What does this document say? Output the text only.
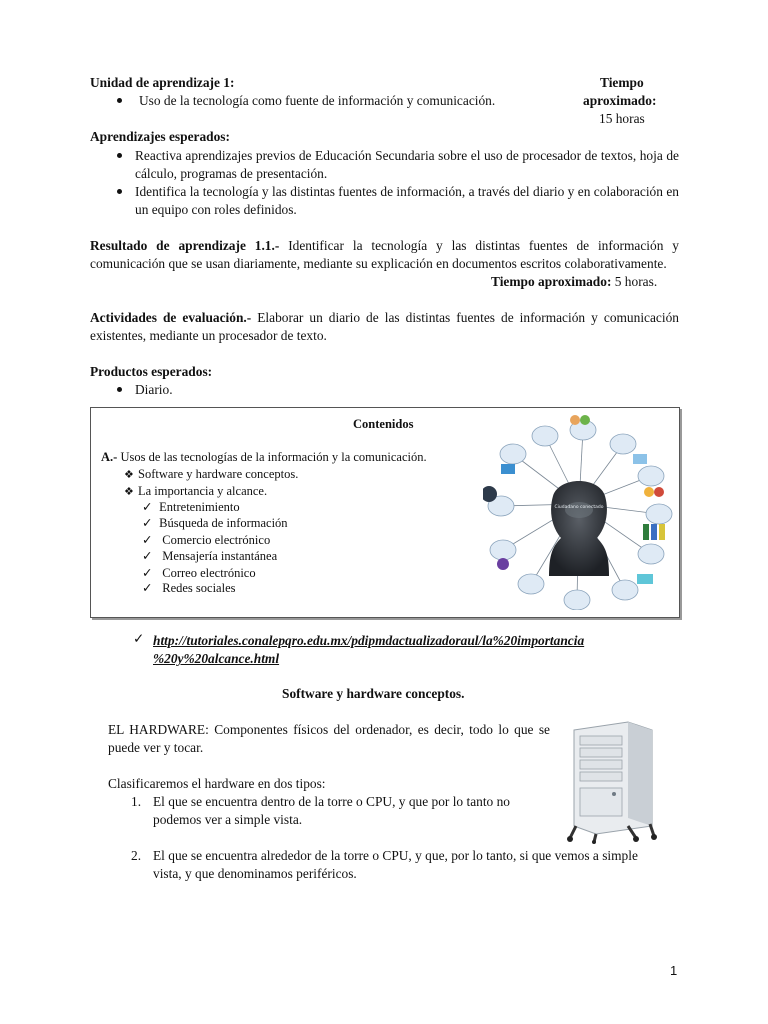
Unidad de aprendizaje 1:
Uso de la tecnología como fuente de información y comunicación.
Tiempo
aproximado:
15 horas
Aprendizajes esperados:
Reactiva aprendizajes previos de Educación Secundaria sobre el uso de procesador de textos, hoja de cálculo, programas de presentación.
Identifica la tecnología y las distintas fuentes de información, a través del diario y en colaboración en un equipo con roles definidos.
Resultado de aprendizaje 1.1.- Identificar la tecnología y las distintas fuentes de información y comunicación que se usan diariamente, mediante su explicación en documentos escritos colaborativamente.
Tiempo aproximado: 5 horas.
Actividades de evaluación.- Elaborar un diario de las distintas fuentes de información y comunicación existentes, mediante un procesador de texto.
Productos esperados:
Diario.
Contenidos
A.- Usos de las tecnologías de la información y la comunicación.
❖ Software y hardware conceptos.
❖ La importancia y alcance.
✓ Entretenimiento
✓ Búsqueda de información
✓ Comercio electrónico
✓ Mensajería instantánea
✓ Correo electrónico
✓ Redes sociales
Ciudadano conectado
✓ http://tutoriales.conalepqro.edu.mx/pdipmdactualizadoraul/la%20importancia
%20y%20alcance.html
Software y hardware conceptos.
EL HARDWARE: Componentes físicos del ordenador, es decir, todo lo que se puede ver y tocar.
Clasificaremos el hardware en dos tipos:
1. El que se encuentra dentro de la torre o CPU, y que por lo tanto no podemos ver a simple vista.
2. El que se encuentra alrededor de la torre o CPU, y que, por lo tanto, si que vemos a simple vista, y que denominamos periféricos.
1
